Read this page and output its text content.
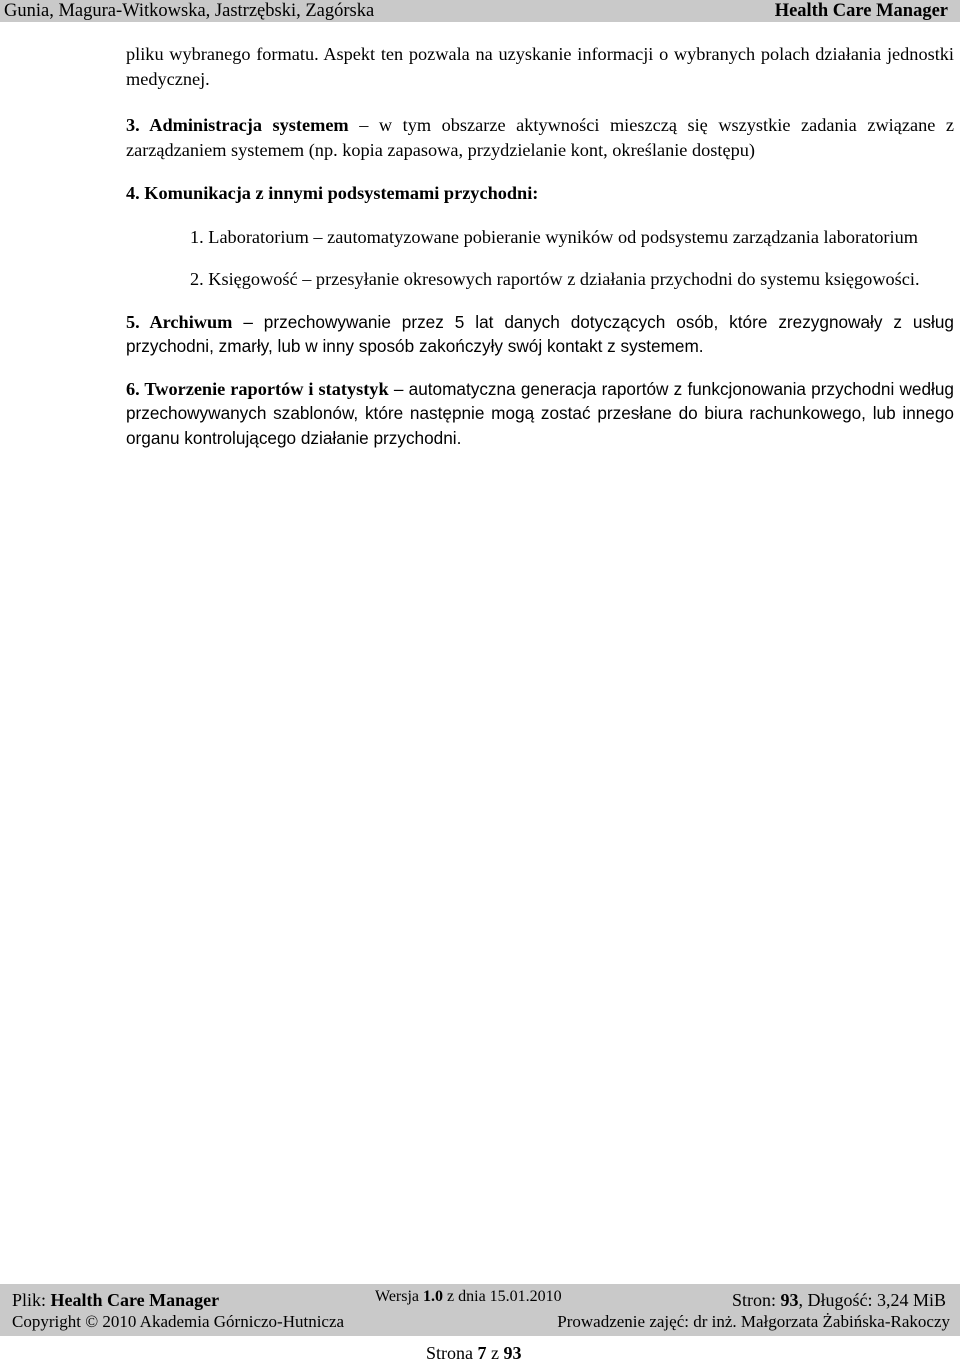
Gunia, Magura-Witkowska, Jastrzębski, Zagórska	Health Care Manager

pliku wybranego formatu. Aspekt ten pozwala na uzyskanie informacji o wybranych polach działania jednostki medycznej.

3. Administracja systemem – w tym obszarze aktywności mieszczą się wszystkie zadania związane z zarządzaniem systemem (np. kopia zapasowa, przydzielanie kont, określanie dostępu)

4. Komunikacja z innymi podsystemami przychodni:

1. Laboratorium – zautomatyzowane pobieranie wyników od podsystemu zarządzania laboratorium

2. Księgowość – przesyłanie okresowych raportów z działania przychodni do systemu księgowości.

5. Archiwum – przechowywanie przez 5 lat danych dotyczących osób, które zrezygnowały z usług przychodni, zmarły, lub w inny sposób zakończyły swój kontakt z systemem.

6. Tworzenie raportów i statystyk – automatyczna generacja raportów z funkcjonowania przychodni według przechowywanych szablonów, które następnie mogą zostać przesłane do biura rachunkowego, lub innego organu kontrolującego działanie przychodni.

Plik: Health Care Manager	Wersja 1.0 z dnia 15.01.2010	Stron: 93, Długość: 3,24 MiB
Copyright © 2010 Akademia Górniczo-Hutnicza	Prowadzenie zajęć: dr inż. Małgorzata Żabińska-Rakoczy
Strona 7 z 93
